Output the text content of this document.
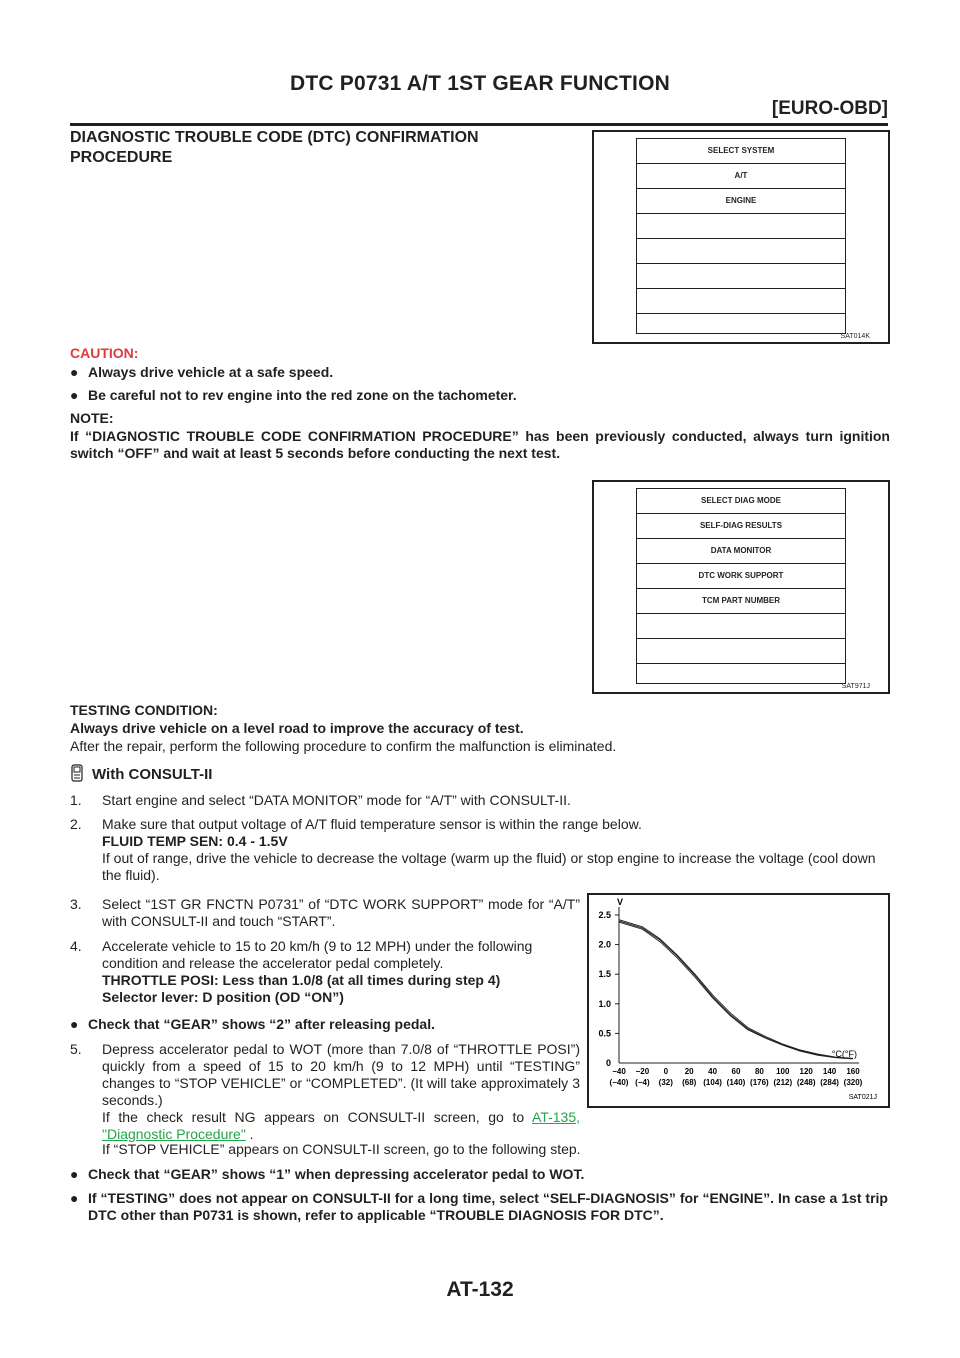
DTC P0731 A/T 1ST GEAR FUNCTION
[EURO-OBD]
DIAGNOSTIC TROUBLE CODE (DTC) CONFIRMATION PROCEDURE	SELECT SYSTEM
A/T
ENGINE
SAT014K
CAUTION:
● Always drive vehicle at a safe speed.
● Be careful not to rev engine into the red zone on the tachometer.
NOTE:
If “DIAGNOSTIC TROUBLE CODE CONFIRMATION PROCEDURE” has been previously conducted, always turn ignition switch “OFF” and wait at least 5 seconds before conducting the next test.
SELECT DIAG MODE
SELF-DIAG RESULTS
DATA MONITOR
DTC WORK SUPPORT
TCM PART NUMBER
SAT971J
TESTING CONDITION:
Always drive vehicle on a level road to improve the accuracy of test.
After the repair, perform the following procedure to confirm the malfunction is eliminated.
With CONSULT-II
1. Start engine and select “DATA MONITOR” mode for “A/T” with CONSULT-II.
2. Make sure that output voltage of A/T fluid temperature sensor is within the range below.
FLUID TEMP SEN: 0.4 - 1.5V
If out of range, drive the vehicle to decrease the voltage (warm up the fluid) or stop engine to increase the voltage (cool down the fluid).
3. Select “1ST GR FNCTN P0731” of “DTC WORK SUPPORT” mode for “A/T” with CONSULT-II and touch “START”.
4.Accelerate vehicle to 15 to 20 km/h (9 to 12 MPH) under the following condition and release the accelerator pedal completely.
THROTTLE POSI: Less than 1.0/8 (at all times during step 4)
Selector lever: D position (OD “ON”)
● Check that “GEAR” shows “2” after releasing pedal.
5. Depress accelerator pedal to WOT (more than 7.0/8 of “THROTTLE POSI”) quickly from a speed of 15 to 20 km/h (9 to 12 MPH) until “TESTING” changes to “STOP VEHICLE” or “COMPLETED”. (It will take approximately 3 seconds.)
If the check result NG appears on CONSULT-II screen, go to AT-135, "Diagnostic Procedure" .
If “STOP VEHICLE” appears on CONSULT-II screen, go to the following step.
● Check that “GEAR” shows “1” when depressing accelerator pedal to WOT.
● If “TESTING” does not appear on CONSULT-II for a long time, select “SELF-DIAGNOSIS” for “ENGINE”. In case a 1st trip DTC other than P0731 is shown, refer to applicable “TROUBLE DIAGNOSIS FOR DTC”.
V
2.5
2.0
1.5
1.0
0.5
0
−40
(−40)
−20
(−4)
0
(32)
20
(68)
40
(104)
60
(140)
80
(176)
100
(212)
120
(248)
140
(284)
160
(320)
°C(°F)
SAT021J
AT-132
